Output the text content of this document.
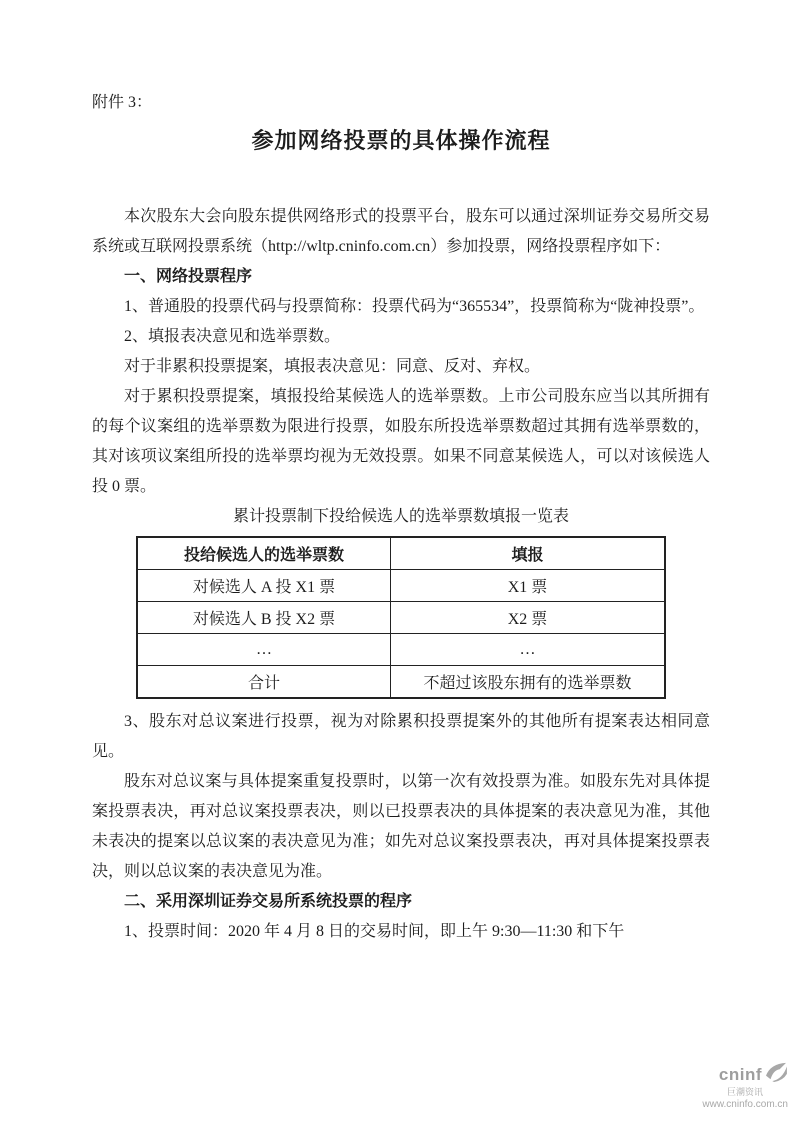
附件 3：

参加网络投票的具体操作流程

本次股东大会向股东提供网络形式的投票平台，股东可以通过深圳证券交易所交易系统或互联网投票系统（http://wltp.cninfo.com.cn）参加投票，网络投票程序如下：

一、网络投票程序

1、普通股的投票代码与投票简称：投票代码为“365534”，投票简称为“陇神投票”。

2、填报表决意见和选举票数。

对于非累积投票提案，填报表决意见：同意、反对、弃权。

对于累积投票提案，填报投给某候选人的选举票数。上市公司股东应当以其所拥有的每个议案组的选举票数为限进行投票，如股东所投选举票数超过其拥有选举票数的，其对该项议案组所投的选举票均视为无效投票。如果不同意某候选人，可以对该候选人投 0 票。

累计投票制下投给候选人的选举票数填报一览表

投给候选人的选举票数	填报
对候选人 A 投 X1 票	X1 票
对候选人 B 投 X2 票	X2 票
…	…
合计	不超过该股东拥有的选举票数

3、股东对总议案进行投票，视为对除累积投票提案外的其他所有提案表达相同意见。

股东对总议案与具体提案重复投票时，以第一次有效投票为准。如股东先对具体提案投票表决，再对总议案投票表决，则以已投票表决的具体提案的表决意见为准，其他未表决的提案以总议案的表决意见为准；如先对总议案投票表决，再对具体提案投票表决，则以总议案的表决意见为准。

二、采用深圳证券交易所系统投票的程序

1、投票时间：2020 年 4 月 8 日的交易时间，即上午 9:30—11:30 和下午

cninf
巨潮资讯
www.cninfo.com.cn
